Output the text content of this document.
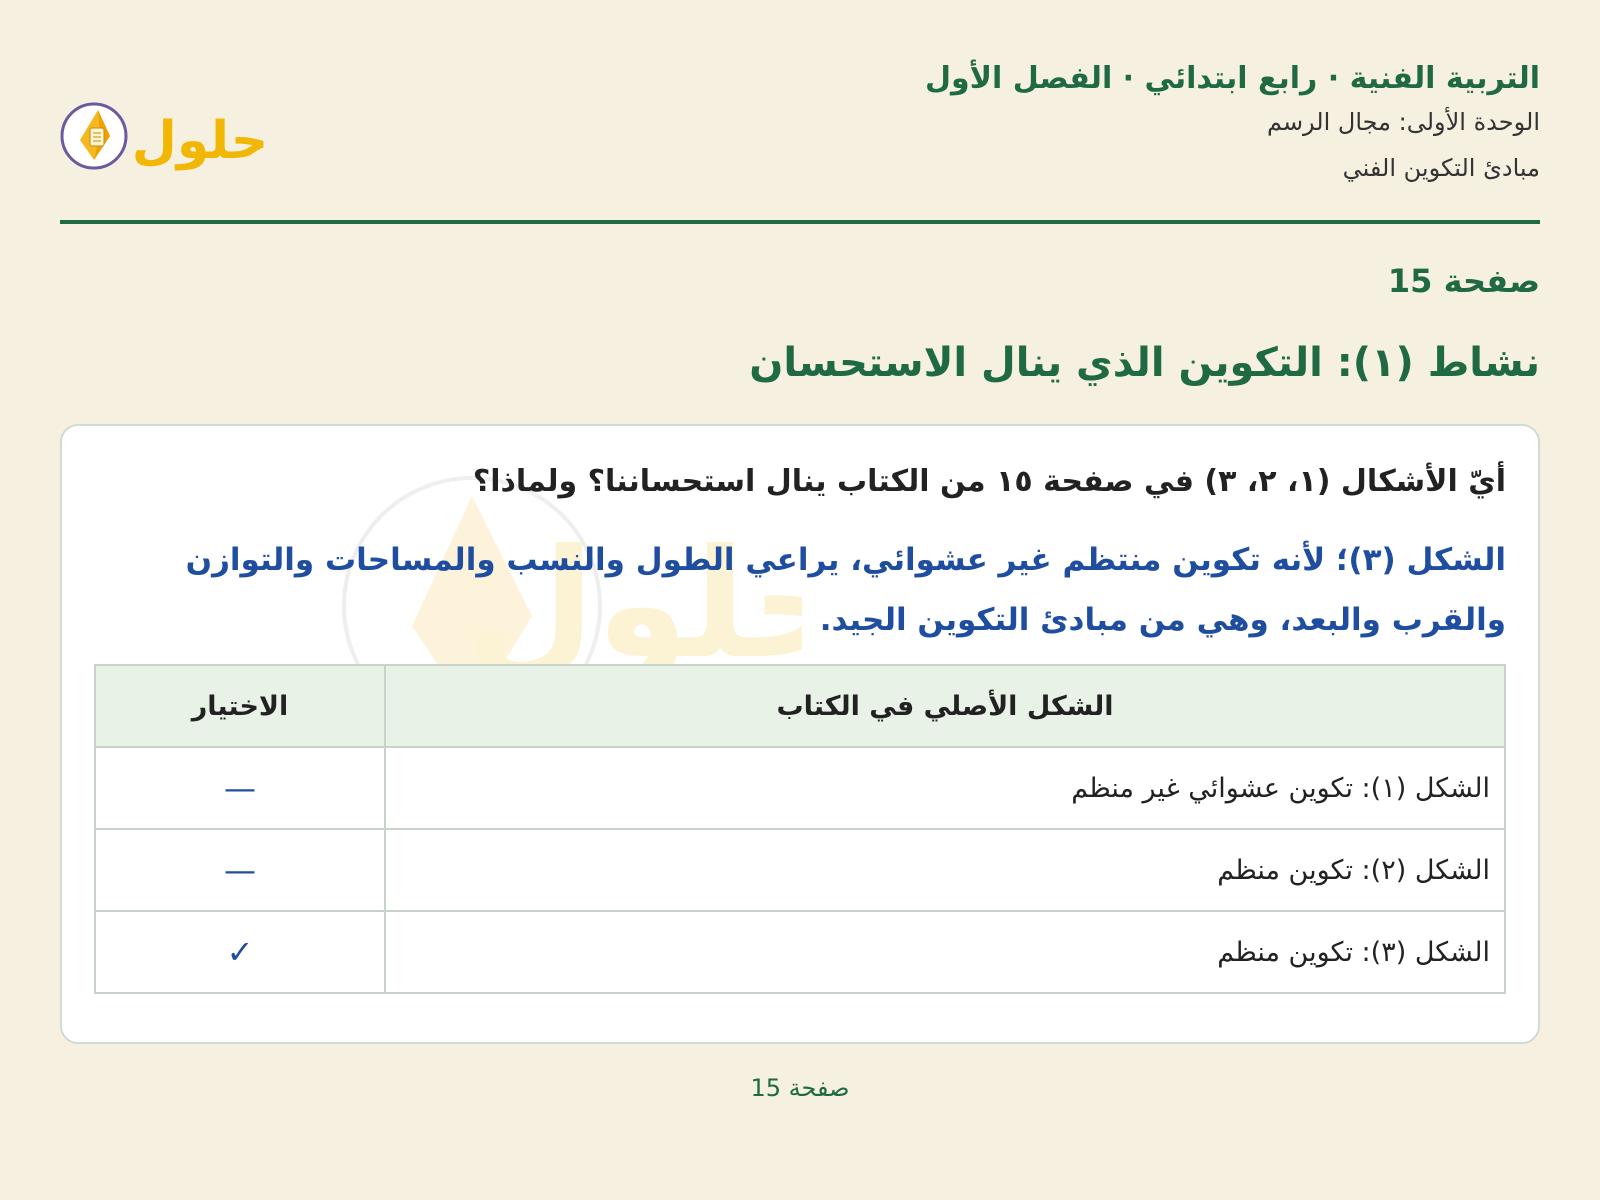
التربية الفنية · رابع ابتدائي · الفصل الأول
الوحدة الأولى: مجال الرسم
مبادئ التكوين الفني
حلول
صفحة 15
نشاط (١): التكوين الذي ينال الاستحسان
لول
أيّ الأشكال (١، ٢، ٣) في صفحة ١٥ من الكتاب ينال استحساننا؟ ولماذا؟
الشكل (٣)؛ لأنه تكوين منتظم غير عشوائي، يراعي الطول والنسب والمساحات والتوازن والقرب والبعد، وهي من مبادئ التكوين الجيد.
الشكل الأصلي في الكتاب	الاختيار
الشكل (١): تكوين عشوائي غير منظم	—
الشكل (٢): تكوين منظم	—
الشكل (٣): تكوين منظم	✓
صفحة 15
